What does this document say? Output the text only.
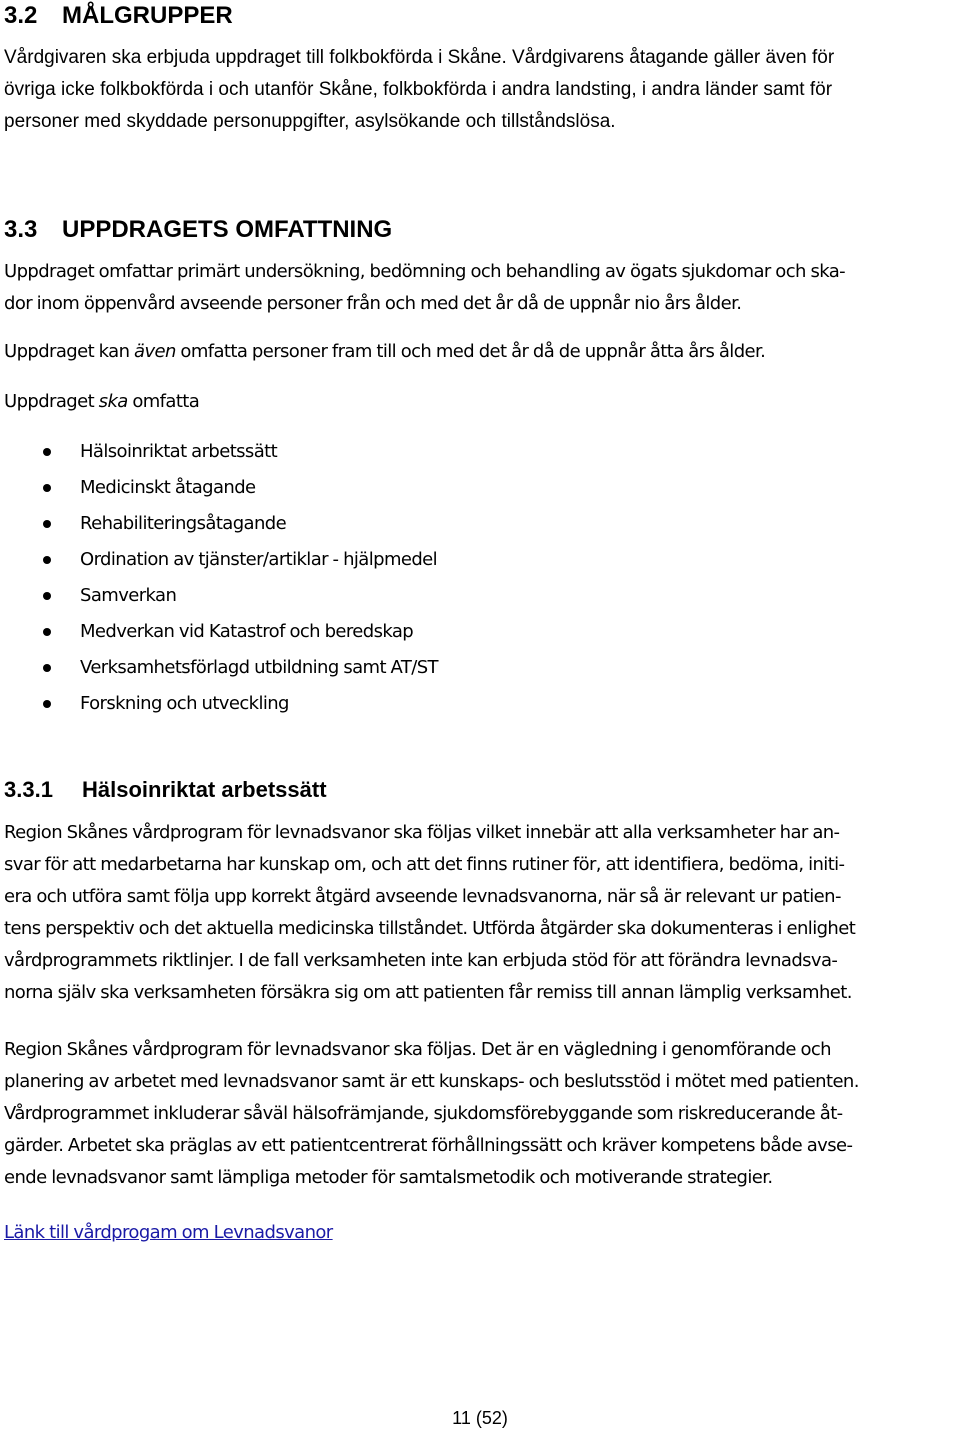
3.2 MÅLGRUPPER
Vårdgivaren ska erbjuda uppdraget till folkbokförda i Skåne. Vårdgivarens åtagande gäller även för
övriga icke folkbokförda i och utanför Skåne, folkbokförda i andra landsting, i andra länder samt för
personer med skyddade personuppgifter, asylsökande och tillståndslösa.
3.3 UPPDRAGETS OMFATTNING
Uppdraget omfattar primärt undersökning, bedömning och behandling av ögats sjukdomar och ska-
dor inom öppenvård avseende personer från och med det år då de uppnår nio års ålder.
Uppdraget kan även omfatta personer fram till och med det år då de uppnår åtta års ålder.
Uppdraget ska omfatta
Hälsoinriktat arbetssätt
Medicinskt åtagande
Rehabiliteringsåtagande
Ordination av tjänster/artiklar - hjälpmedel
Samverkan
Medverkan vid Katastrof och beredskap
Verksamhetsförlagd utbildning samt AT/ST
Forskning och utveckling
3.3.1 Hälsoinriktat arbetssätt
Region Skånes vårdprogram för levnadsvanor ska följas vilket innebär att alla verksamheter har an-
svar för att medarbetarna har kunskap om, och att det finns rutiner för, att identifiera, bedöma, initi-
era och utföra samt följa upp korrekt åtgärd avseende levnadsvanorna, när så är relevant ur patien-
tens perspektiv och det aktuella medicinska tillståndet. Utförda åtgärder ska dokumenteras i enlighet
vårdprogrammets riktlinjer. I de fall verksamheten inte kan erbjuda stöd för att förändra levnadsva-
norna själv ska verksamheten försäkra sig om att patienten får remiss till annan lämplig verksamhet.
Region Skånes vårdprogram för levnadsvanor ska följas. Det är en vägledning i genomförande och
planering av arbetet med levnadsvanor samt är ett kunskaps- och beslutsstöd i mötet med patienten.
Vårdprogrammet inkluderar såväl hälsofrämjande, sjukdomsförebyggande som riskreducerande åt-
gärder. Arbetet ska präglas av ett patientcentrerat förhållningssätt och kräver kompetens både avse-
ende levnadsvanor samt lämpliga metoder för samtalsmetodik och motiverande strategier.
Länk till vårdprogam om Levnadsvanor
11 (52)
